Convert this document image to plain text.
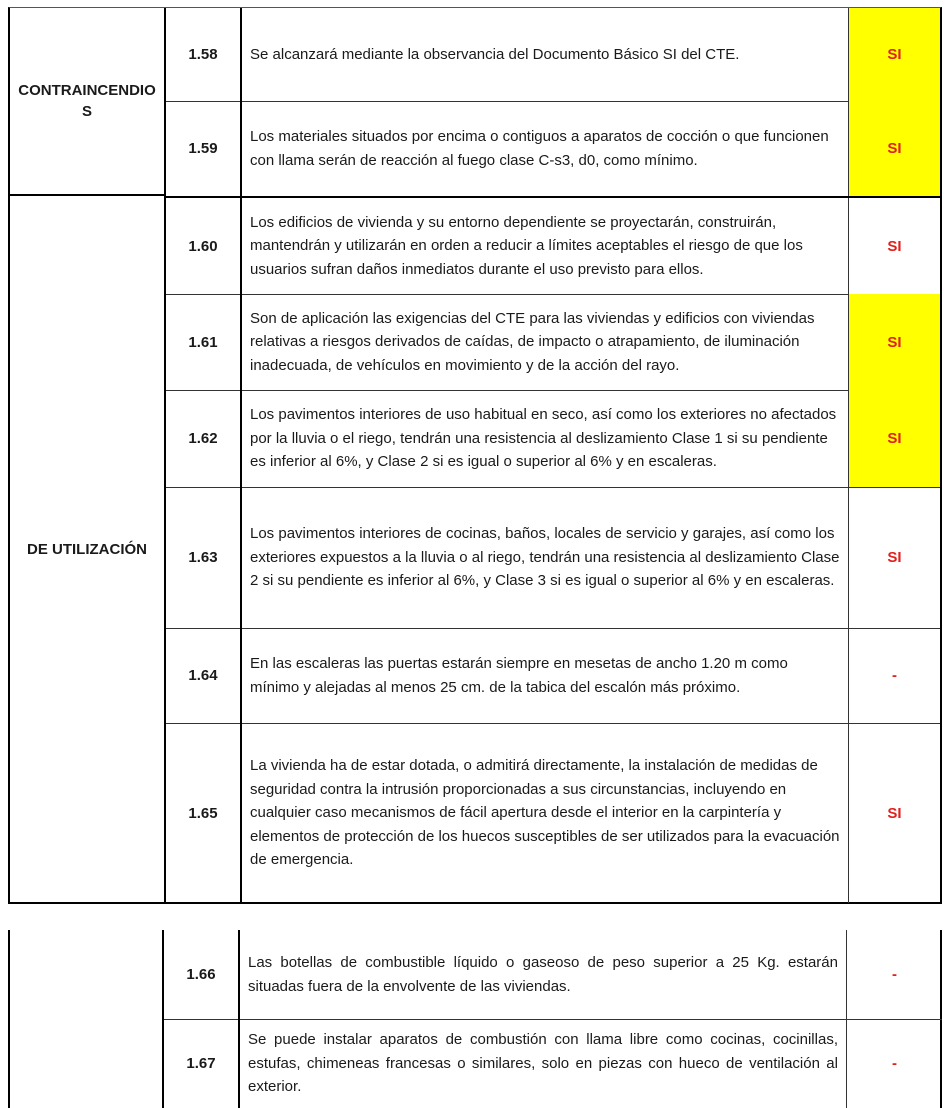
CONTRAINCENDIOS
DE UTILIZACIÓN
1.58	Se alcanzará mediante la observancia del Documento Básico SI del CTE.	SI
1.59
Los materiales situados por encima o contiguos a aparatos de cocción o que funcionen con llama serán de reacción al fuego clase C-s3, d0, como mínimo.
SI
1.60
Los edificios de vivienda y su entorno dependiente se proyectarán, construirán, mantendrán y utilizarán en orden a reducir a límites aceptables el riesgo de que los usuarios sufran daños inmediatos durante el uso previsto para ellos.
SI
1.61
Son de aplicación las exigencias del CTE para las viviendas y edificios con viviendas relativas a riesgos derivados de caídas, de impacto o atrapamiento, de iluminación inadecuada, de vehículos en movimiento y de la acción del rayo.
SI
1.62
Los pavimentos interiores de uso habitual en seco, así como los exteriores no afectados por la lluvia o el riego, tendrán una resistencia al deslizamiento Clase 1 si su pendiente es inferior al 6%, y Clase 2 si es igual o superior al 6% y en escaleras.
SI
1.63
Los pavimentos interiores de cocinas, baños, locales de servicio y garajes, así como los exteriores expuestos a la lluvia o al riego, tendrán una resistencia al deslizamiento Clase 2 si su pendiente es inferior al 6%, y Clase 3 si es igual o superior al 6% y en escaleras.
SI
1.64
En las escaleras las puertas estarán siempre en mesetas de ancho 1.20 m como mínimo y alejadas al menos 25 cm. de la tabica del escalón más próximo.
-
1.65
La vivienda ha de estar dotada, o admitirá directamente, la instalación de medidas de seguridad contra la intrusión proporcionadas a sus circunstancias, incluyendo en cualquier caso mecanismos de fácil apertura desde el interior en la carpintería y elementos de protección de los huecos susceptibles de ser utilizados para la evacuación de emergencia.
SI
1.66
Las botellas de combustible líquido o gaseoso de peso superior a 25 Kg. estarán situadas fuera de la envolvente de las viviendas.
-
1.67
Se puede instalar aparatos de combustión con llama libre como cocinas, cocinillas, estufas, chimeneas francesas o similares, solo en piezas con hueco de ventilación al exterior.
-
